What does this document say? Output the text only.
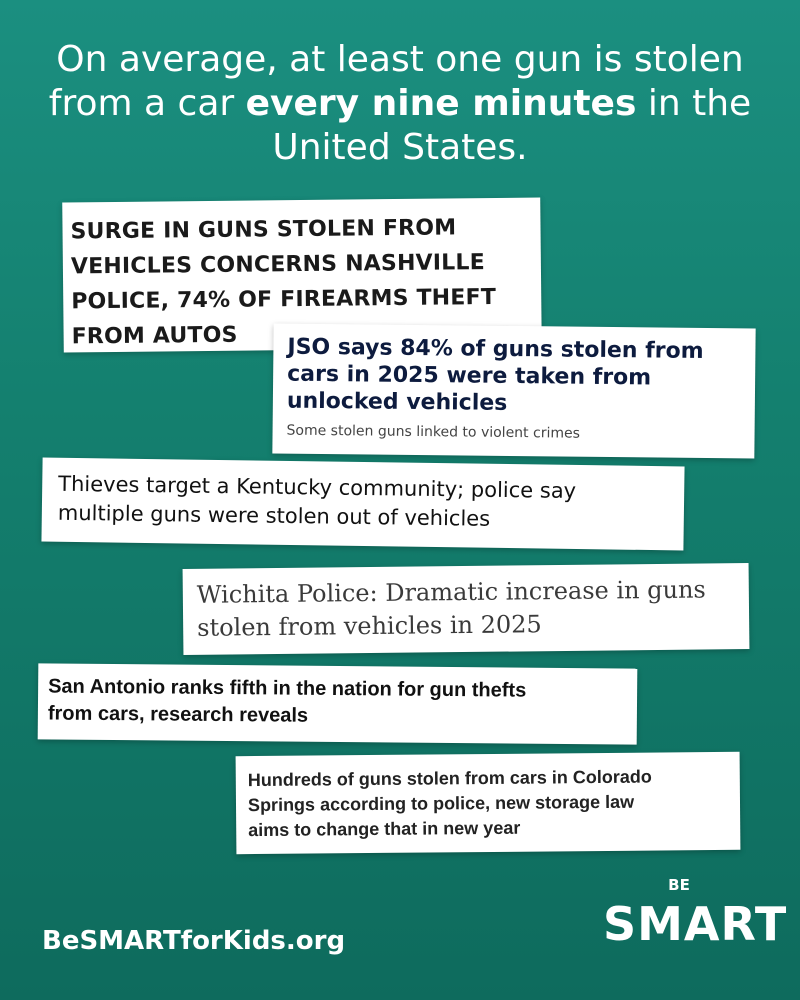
On average, at least one gun is stolen from a car every nine minutes in the United States.
SURGE IN GUNS STOLEN FROM
VEHICLES CONCERNS NASHVILLE
POLICE, 74% OF FIREARMS THEFT
FROM AUTOS	JSO says 84% of guns stolen from
cars in 2025 were taken from
unlocked vehicles
Some stolen guns linked to violent crimes
Thieves target a Kentucky community; police say
multiple guns were stolen out of vehicles
Wichita Police: Dramatic increase in guns
stolen from vehicles in 2025
San Antonio ranks fifth in the nation for gun thefts
from cars, research reveals
Hundreds of guns stolen from cars in Colorado
Springs according to police, new storage law
aims to change that in new year
BeSMARTforKids.org
BE
SMART
